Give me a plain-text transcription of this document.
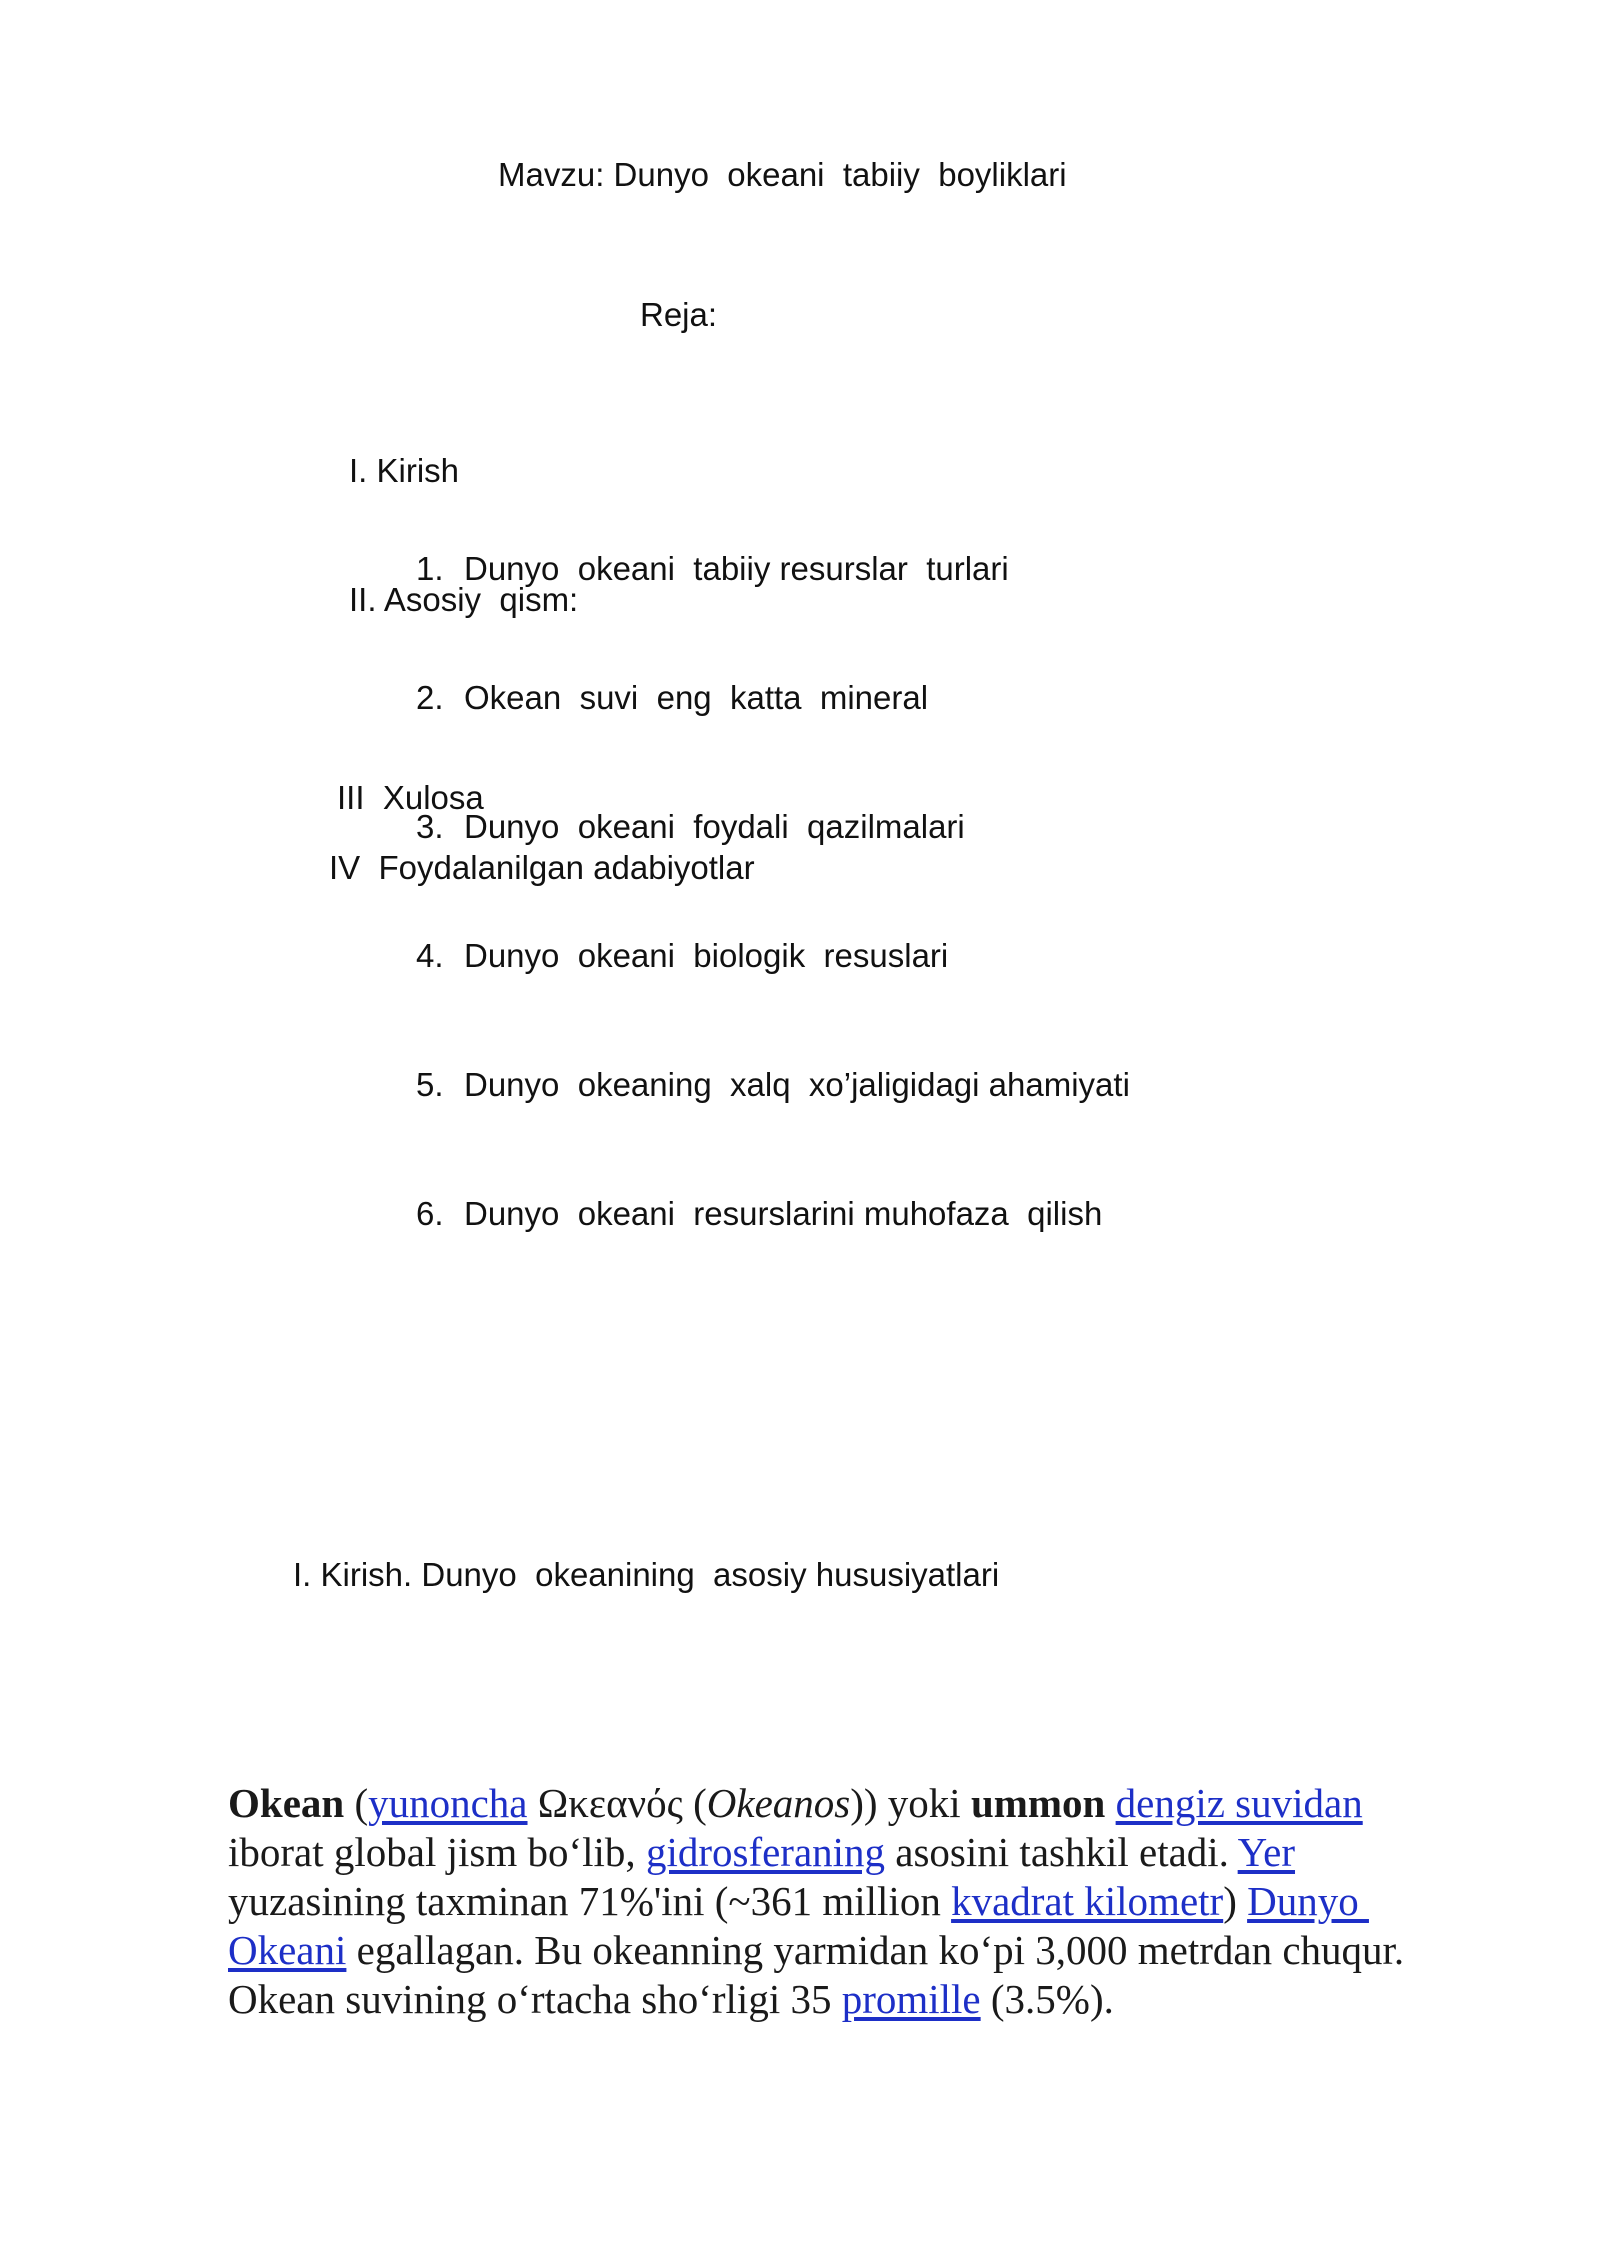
Mavzu: Dunyo  okeani  tabiiy  boyliklari
Reja:

I. Kirish

II. Asosiy  qism:

1. Dunyo  okeani  tabiiy resurslar  turlari

2. Okean  suvi  eng  katta  mineral

3. Dunyo  okeani  foydali  qazilmalari

4. Dunyo  okeani  biologik  resuslari

5. Dunyo  okeaning  xalq  xo’jaligidagi ahamiyati

6. Dunyo  okeani  resurslarini muhofaza  qilish

III  Xulosa
IV  Foydalanilgan adabiyotlar
I. Kirish. Dunyo  okeanining  asosiy hususiyatlari
Okean (yunoncha Ωκεανός (Okeanos)) yoki ummon dengiz suvidan
iborat global jism bo‘lib, gidrosferaning asosini tashkil etadi. Yer
yuzasining taxminan 71%'ini (~361 million kvadrat kilometr) Dunyo
Okeani egallagan. Bu okeanning yarmidan ko‘pi 3,000 metrdan chuqur.
Okean suvining o‘rtacha sho‘rligi 35 promille (3.5%).
